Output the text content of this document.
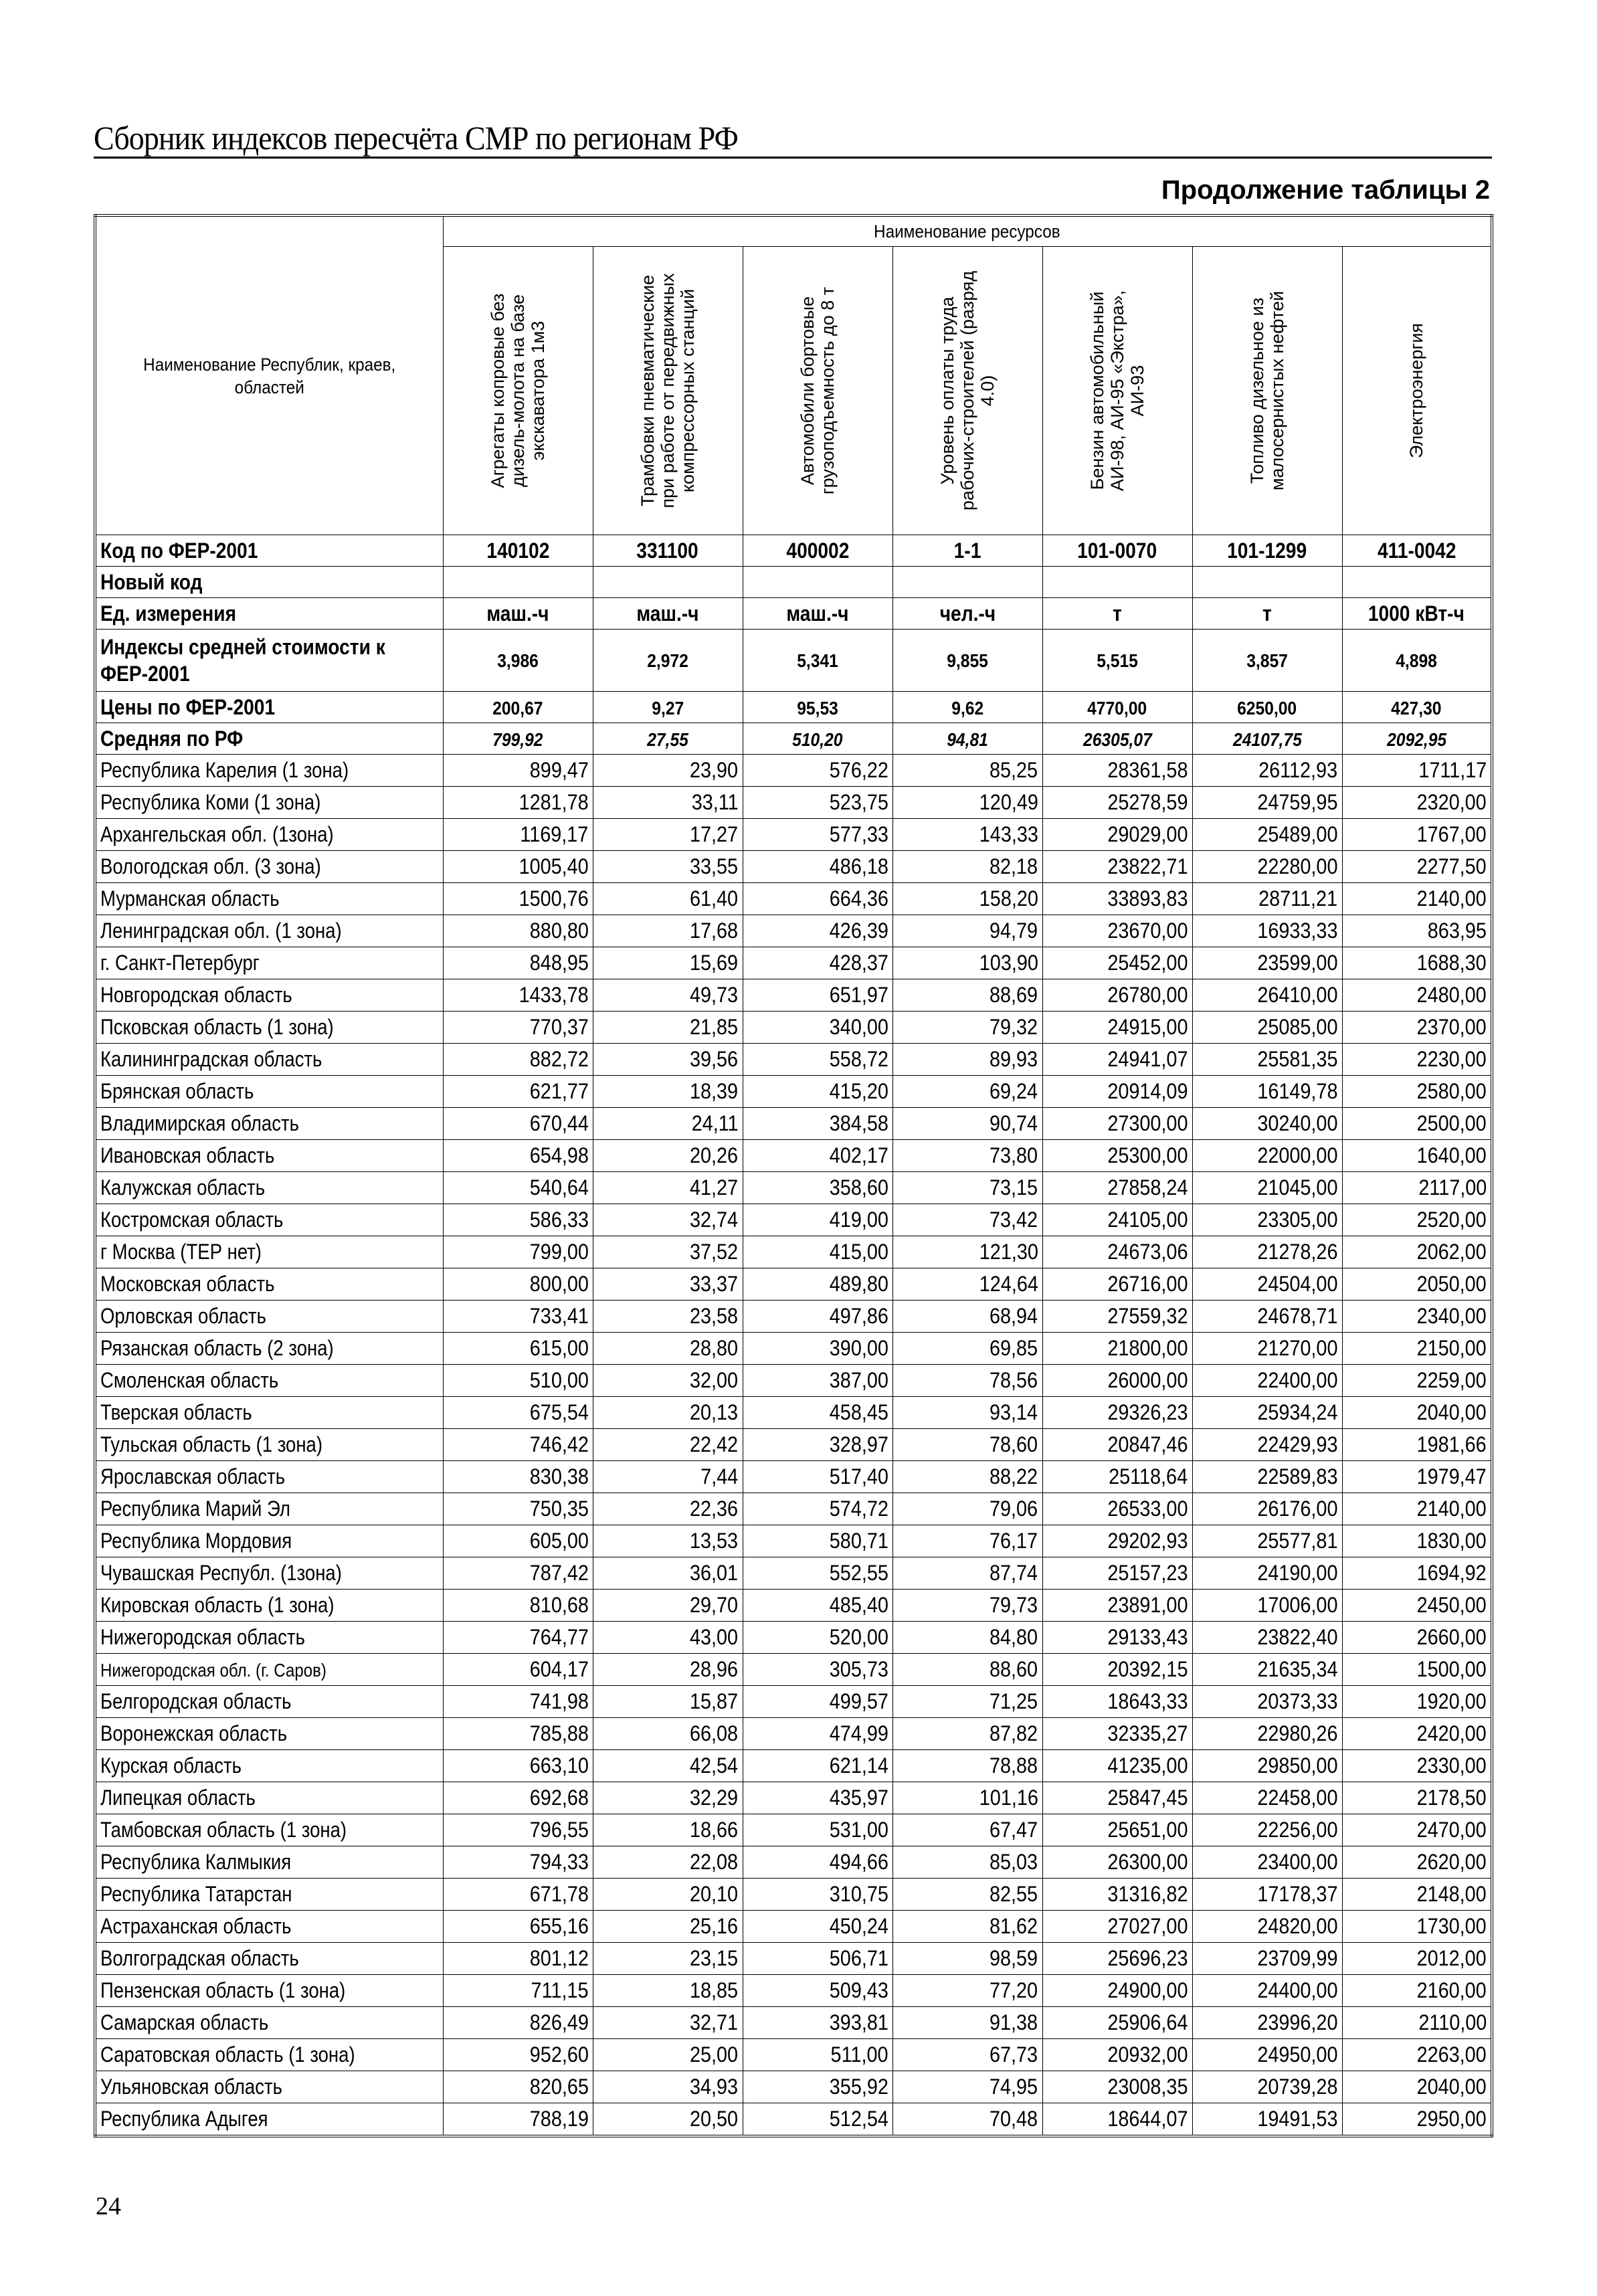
Сборник индексов пересчёта СМР по регионам РФ
Продолжение таблицы 2
Наименование Республик, краев, областей	Наименование ресурсов						

	Агрегаты копровые без дизель-молота на базе экскаватора 1м3	Трамбовки пневматические при работе от передвижных компрессорных станций	Автомобили бортовые грузоподъемность до 8 т	Уровень оплаты труда рабочих-строителей (разряд 4.0)	Бензин автомобильный АИ-98, АИ-95 «Экстра», АИ-93	Топливо дизельное из малосернистых нефтей	Электроэнергия

Код по ФЕР-2001	140102	331100	400002	1-1	101-0070	101-1299	411-0042
Новый код							
Ед. измерения	маш.-ч	маш.-ч	маш.-ч	чел.-ч	т	т	1000 кВт-ч
Индексы средней стоимости к ФЕР-2001	3,986	2,972	5,341	9,855	5,515	3,857	4,898
Цены по ФЕР-2001	200,67	9,27	95,53	9,62	4770,00	6250,00	427,30
Средняя по РФ	799,92	27,55	510,20	94,81	26305,07	24107,75	2092,95
Республика Карелия (1 зона)	899,47	23,90	576,22	85,25	28361,58	26112,93	1711,17
Республика Коми (1 зона)	1281,78	33,11	523,75	120,49	25278,59	24759,95	2320,00
Архангельская обл. (1зона)	1169,17	17,27	577,33	143,33	29029,00	25489,00	1767,00
Вологодская обл. (3 зона)	1005,40	33,55	486,18	82,18	23822,71	22280,00	2277,50
Мурманская область	1500,76	61,40	664,36	158,20	33893,83	28711,21	2140,00
Ленинградская обл. (1 зона)	880,80	17,68	426,39	94,79	23670,00	16933,33	863,95
г. Санкт-Петербург	848,95	15,69	428,37	103,90	25452,00	23599,00	1688,30
Новгородская область	1433,78	49,73	651,97	88,69	26780,00	26410,00	2480,00
Псковская область (1 зона)	770,37	21,85	340,00	79,32	24915,00	25085,00	2370,00
Калининградская область	882,72	39,56	558,72	89,93	24941,07	25581,35	2230,00
Брянская область	621,77	18,39	415,20	69,24	20914,09	16149,78	2580,00
Владимирская область	670,44	24,11	384,58	90,74	27300,00	30240,00	2500,00
Ивановская область	654,98	20,26	402,17	73,80	25300,00	22000,00	1640,00
Калужская область	540,64	41,27	358,60	73,15	27858,24	21045,00	2117,00
Костромская область	586,33	32,74	419,00	73,42	24105,00	23305,00	2520,00
г Москва (ТЕР нет)	799,00	37,52	415,00	121,30	24673,06	21278,26	2062,00
Московская область	800,00	33,37	489,80	124,64	26716,00	24504,00	2050,00
Орловская область	733,41	23,58	497,86	68,94	27559,32	24678,71	2340,00
Рязанская область (2 зона)	615,00	28,80	390,00	69,85	21800,00	21270,00	2150,00
Смоленская область	510,00	32,00	387,00	78,56	26000,00	22400,00	2259,00
Тверская область	675,54	20,13	458,45	93,14	29326,23	25934,24	2040,00
Тульская область (1 зона)	746,42	22,42	328,97	78,60	20847,46	22429,93	1981,66
Ярославская область	830,38	7,44	517,40	88,22	25118,64	22589,83	1979,47
Республика Марий Эл	750,35	22,36	574,72	79,06	26533,00	26176,00	2140,00
Республика Мордовия	605,00	13,53	580,71	76,17	29202,93	25577,81	1830,00
Чувашская Республ. (1зона)	787,42	36,01	552,55	87,74	25157,23	24190,00	1694,92
Кировская область (1 зона)	810,68	29,70	485,40	79,73	23891,00	17006,00	2450,00
Нижегородская область	764,77	43,00	520,00	84,80	29133,43	23822,40	2660,00
Нижегородская обл. (г. Саров)	604,17	28,96	305,73	88,60	20392,15	21635,34	1500,00
Белгородская область	741,98	15,87	499,57	71,25	18643,33	20373,33	1920,00
Воронежская область	785,88	66,08	474,99	87,82	32335,27	22980,26	2420,00
Курская область	663,10	42,54	621,14	78,88	41235,00	29850,00	2330,00
Липецкая область	692,68	32,29	435,97	101,16	25847,45	22458,00	2178,50
Тамбовская область (1 зона)	796,55	18,66	531,00	67,47	25651,00	22256,00	2470,00
Республика Калмыкия	794,33	22,08	494,66	85,03	26300,00	23400,00	2620,00
Республика Татарстан	671,78	20,10	310,75	82,55	31316,82	17178,37	2148,00
Астраханская область	655,16	25,16	450,24	81,62	27027,00	24820,00	1730,00
Волгоградская область	801,12	23,15	506,71	98,59	25696,23	23709,99	2012,00
Пензенская область (1 зона)	711,15	18,85	509,43	77,20	24900,00	24400,00	2160,00
Самарская область	826,49	32,71	393,81	91,38	25906,64	23996,20	2110,00
Саратовская область (1 зона)	952,60	25,00	511,00	67,73	20932,00	24950,00	2263,00
Ульяновская область	820,65	34,93	355,92	74,95	23008,35	20739,28	2040,00
Республика Адыгея	788,19	20,50	512,54	70,48	18644,07	19491,53	2950,00
24
